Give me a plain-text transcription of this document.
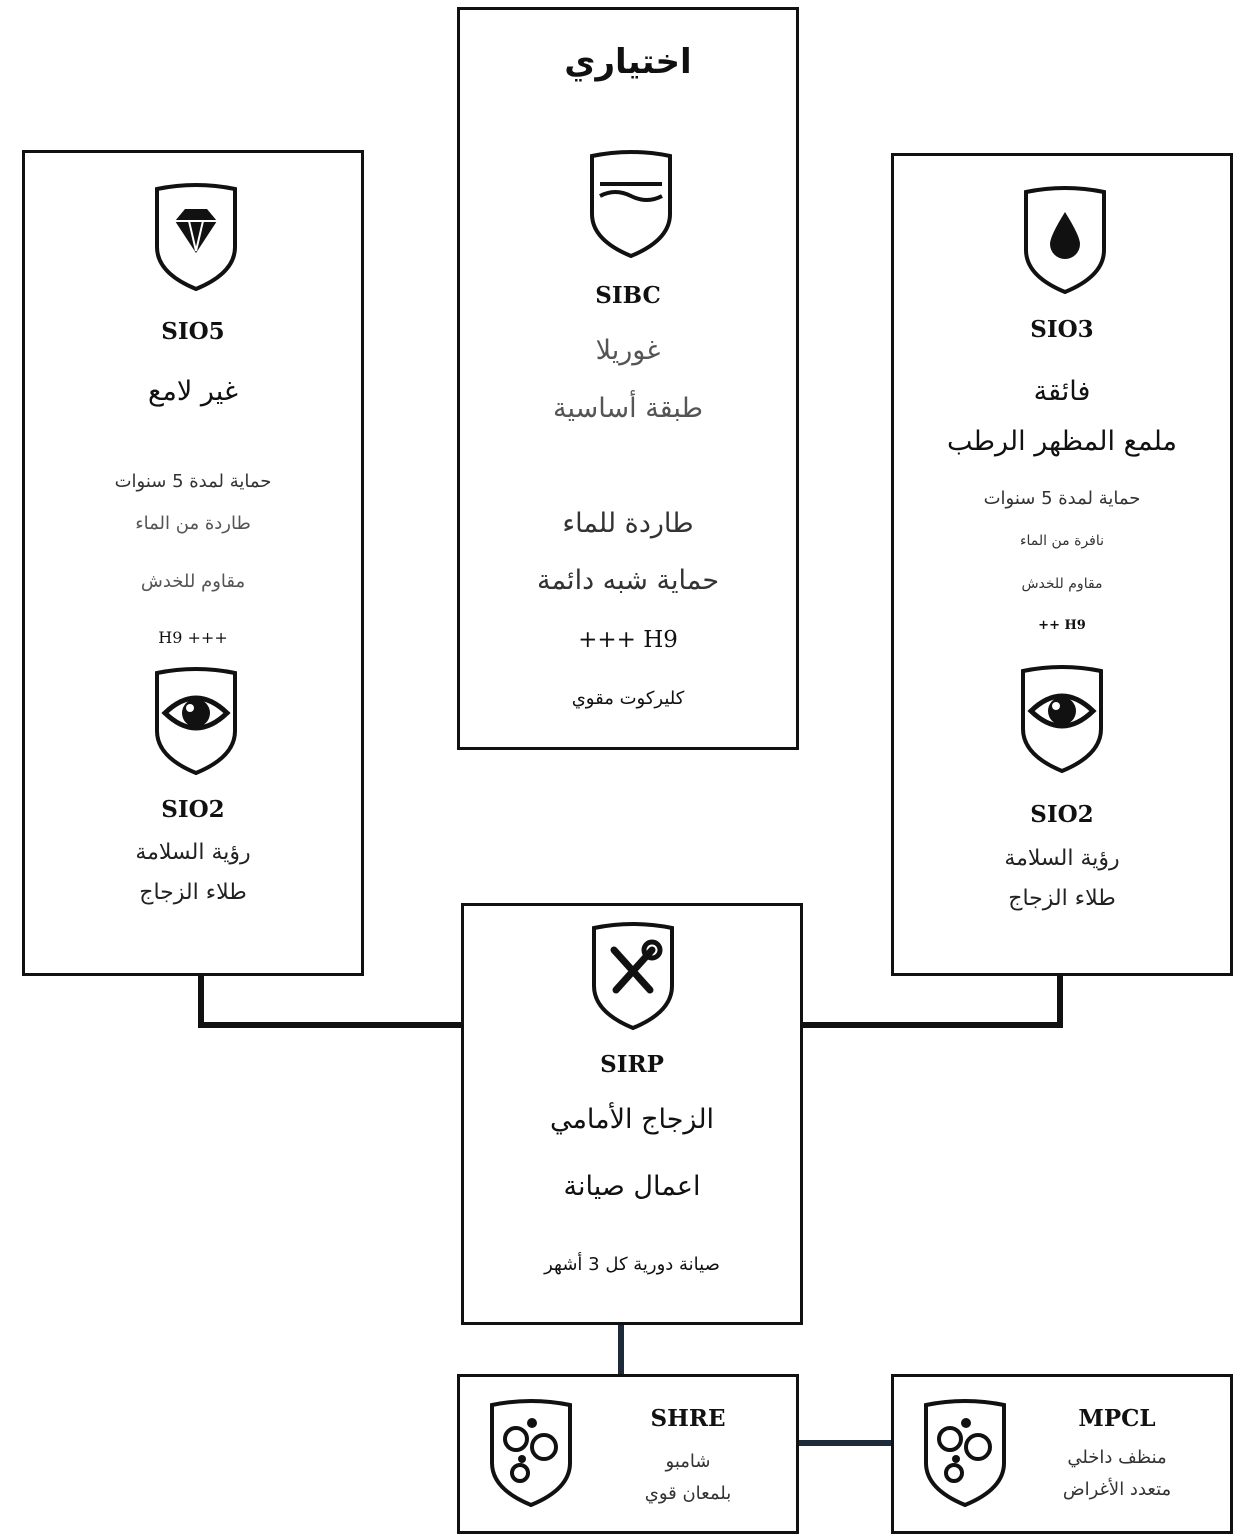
SIO5
غير لامع
حماية لمدة 5 سنوات
طاردة من الماء
مقاوم للخدش
H9 +++
SIO2
رؤية السلامة
طلاء الزجاج
اختياري
SIBC
غوريلا
طبقة أساسية
طاردة للماء
حماية شبه دائمة
+++ H9
كليركوت مقوي
SIO3
فائقة
ملمع المظهر الرطب
حماية لمدة 5 سنوات
نافرة من الماء
مقاوم للخدش
++ H9
SIO2
رؤية السلامة
طلاء الزجاج
SIRP
الزجاج الأمامي
اعمال صيانة
صيانة دورية كل 3 أشهر
SHRE
شامبو
بلمعان قوي
MPCL
منظف داخلي
متعدد الأغراض
